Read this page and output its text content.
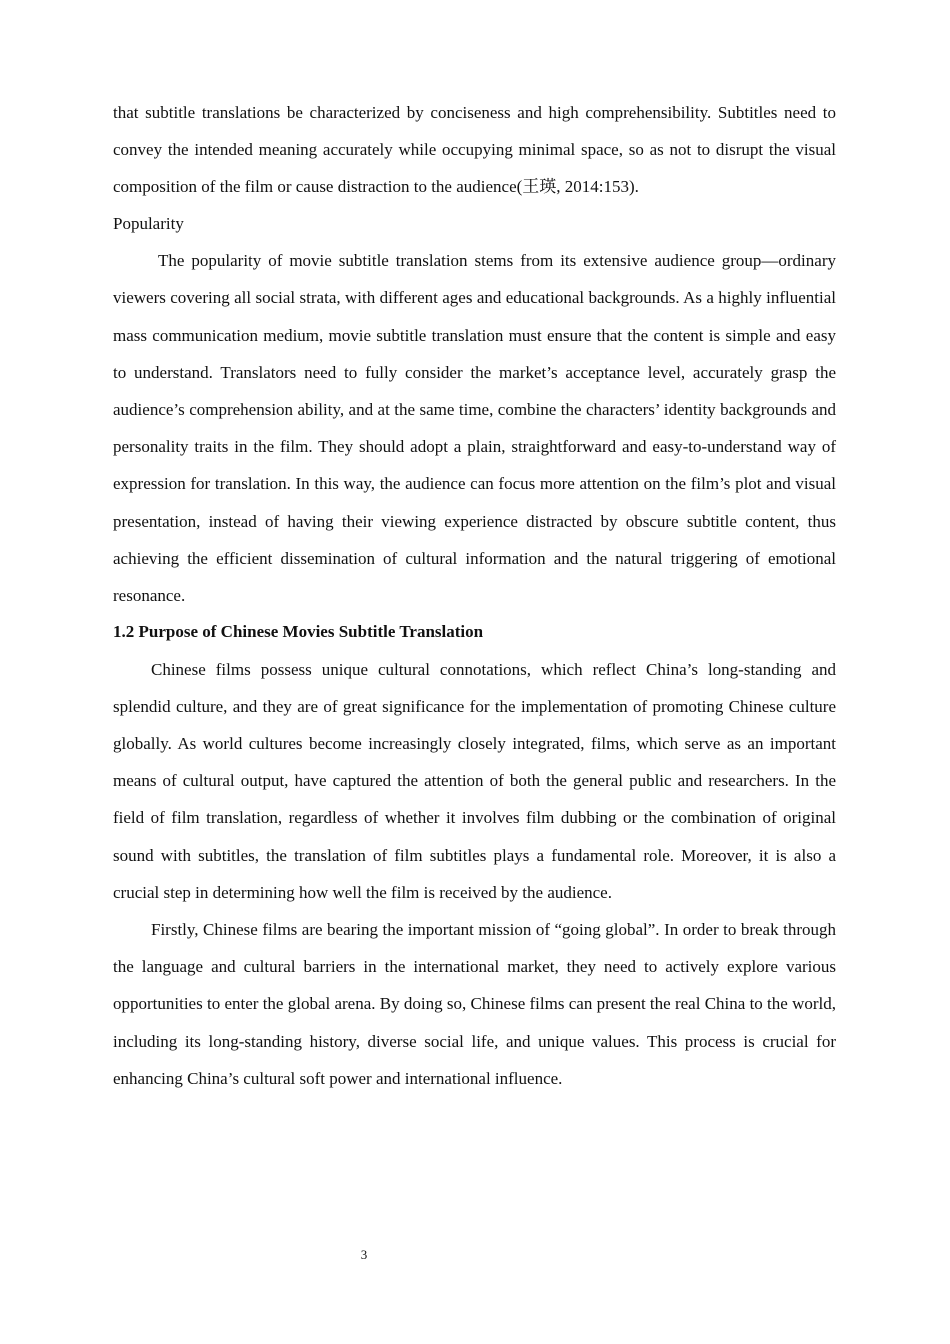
that subtitle translations be characterized by conciseness and high comprehensibility. Subtitles need to convey the intended meaning accurately while occupying minimal space, so as not to disrupt the visual composition of the film or cause distraction to the audience(王瑛, 2014:153).

Popularity

The popularity of movie subtitle translation stems from its extensive audience group—ordinary viewers covering all social strata, with different ages and educational backgrounds. As a highly influential mass communication medium, movie subtitle translation must ensure that the content is simple and easy to understand. Translators need to fully consider the market’s acceptance level, accurately grasp the audience’s comprehension ability, and at the same time, combine the characters’ identity backgrounds and personality traits in the film. They should adopt a plain, straightforward and easy-to-understand way of expression for translation. In this way, the audience can focus more attention on the film’s plot and visual presentation, instead of having their viewing experience distracted by obscure subtitle content, thus achieving the efficient dissemination of cultural information and the natural triggering of emotional resonance.

1.2 Purpose of Chinese Movies Subtitle Translation

Chinese films possess unique cultural connotations, which reflect China’s long-standing and splendid culture, and they are of great significance for the implementation of promoting Chinese culture globally. As world cultures become increasingly closely integrated, films, which serve as an important means of cultural output, have captured the attention of both the general public and researchers. In the field of film translation, regardless of whether it involves film dubbing or the combination of original sound with subtitles, the translation of film subtitles plays a fundamental role. Moreover, it is also a crucial step in determining how well the film is received by the audience.

Firstly, Chinese films are bearing the important mission of “going global”. In order to break through the language and cultural barriers in the international market, they need to actively explore various opportunities to enter the global arena. By doing so, Chinese films can present the real China to the world, including its long-standing history, diverse social life, and unique values. This process is crucial for enhancing China’s cultural soft power and international influence.

3
